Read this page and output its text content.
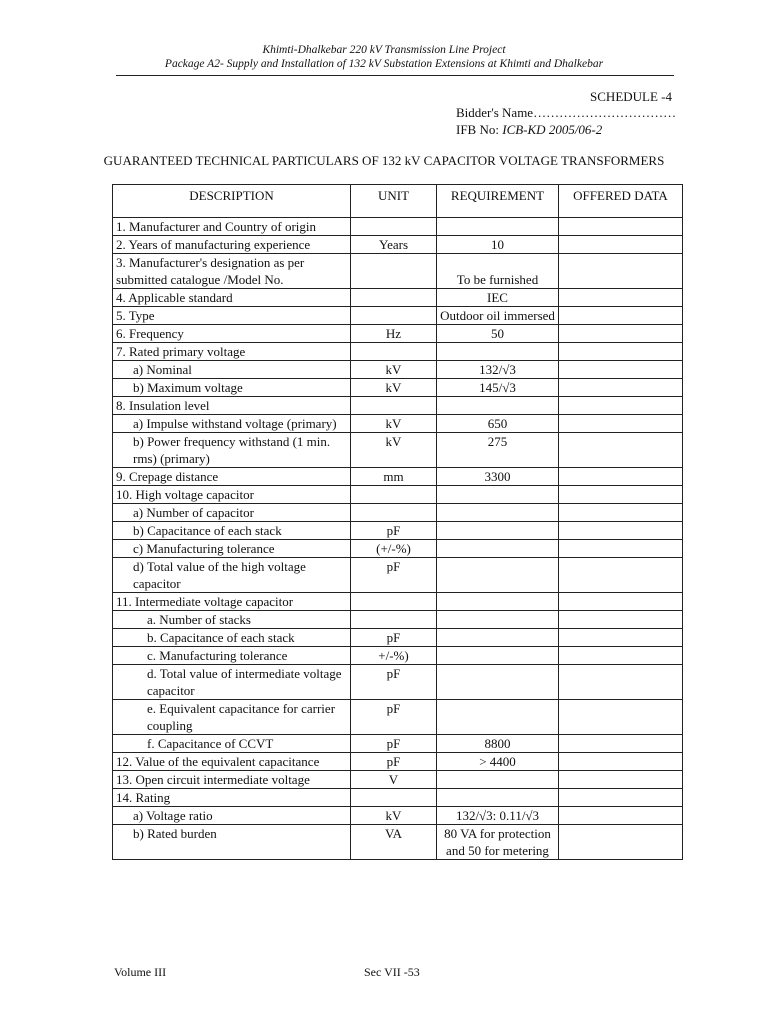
Khimti-Dhalkebar 220 kV Transmission Line Project
Package A2- Supply and Installation of 132 kV Substation Extensions at Khimti and Dhalkebar
SCHEDULE -4
Bidder's Name……………………………
IFB No: ICB-KD 2005/06-2
GUARANTEED TECHNICAL PARTICULARS OF 132 kV CAPACITOR VOLTAGE TRANSFORMERS
DESCRIPTION	UNIT	REQUIREMENT	OFFERED DATA
1. Manufacturer and Country of origin			
2. Years of manufacturing experience	Years	10	
3. Manufacturer's designation as per submitted catalogue /Model No.		To be furnished	
4. Applicable standard		IEC	
5. Type		Outdoor oil immersed	
6. Frequency	Hz	50	
7. Rated primary voltage			
a) Nominal	kV	132/√3	
b) Maximum voltage	kV	145/√3	
8. Insulation level			
a) Impulse withstand voltage (primary)	kV	650	
b) Power frequency withstand (1 min. rms) (primary)	kV	275	
9. Crepage distance	mm	3300	
10. High voltage capacitor			
a) Number of capacitor			
b) Capacitance of each stack	pF		
c) Manufacturing tolerance	(+/-%)		
d) Total value of the high voltage capacitor	pF		
11. Intermediate voltage capacitor			
a. Number of stacks			
b. Capacitance of each stack	pF		
c. Manufacturing tolerance	+/-%)		
d. Total value of intermediate voltage capacitor	pF		
e. Equivalent capacitance for carrier coupling	pF		
f. Capacitance of CCVT	pF	8800	
12. Value of the equivalent capacitance	pF	> 4400	
13. Open circuit intermediate voltage	V		
14. Rating			
a) Voltage ratio	kV	132/√3: 0.11/√3	
b) Rated burden	VA	80 VA for protection and 50 for metering	
Volume III	Sec VII -53
